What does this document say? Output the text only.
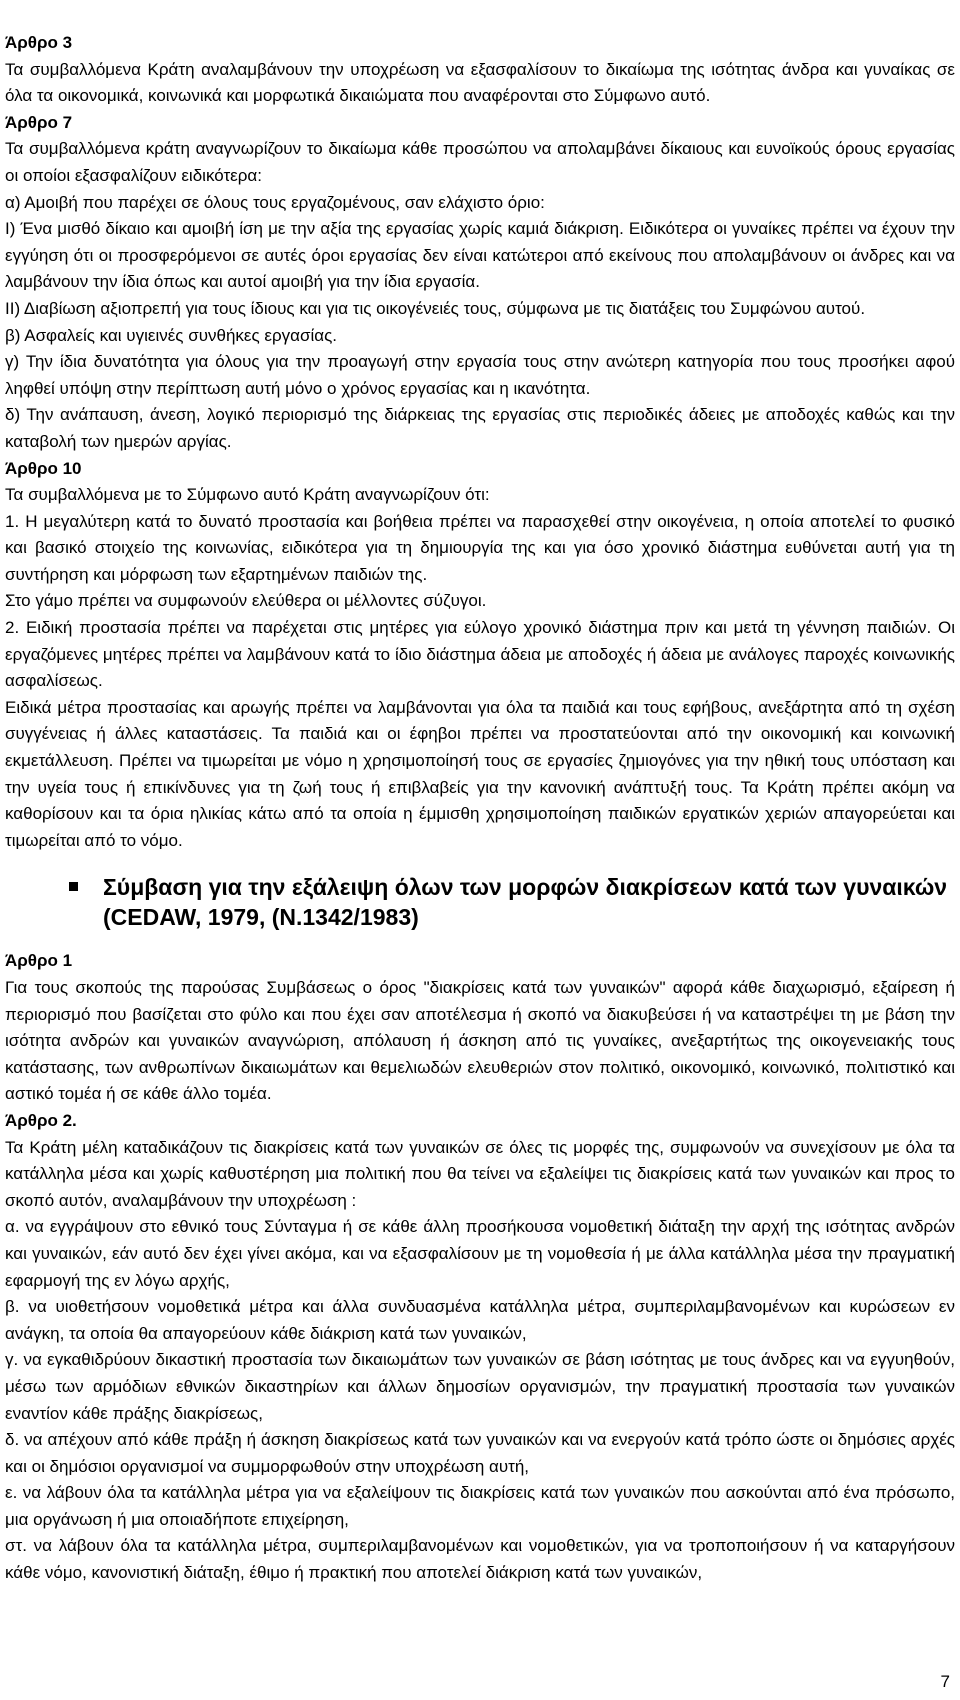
Άρθρο 3

Τα συμβαλλόμενα Κράτη αναλαμβάνουν την υποχρέωση να εξασφαλίσουν το δικαίωμα της ισότητας άνδρα και γυναίκας σε όλα τα οικονομικά, κοινωνικά και μορφωτικά δικαιώματα που αναφέρονται στο Σύμφωνο αυτό.

Άρθρο 7

Τα συμβαλλόμενα κράτη αναγνωρίζουν το δικαίωμα κάθε προσώπου να απολαμβάνει δίκαιους και ευνοϊκούς όρους εργασίας οι οποίοι εξασφαλίζουν ειδικότερα:

α) Αμοιβή που παρέχει σε όλους τους εργαζομένους, σαν ελάχιστο όριο:

Ι) Ένα μισθό δίκαιο και αμοιβή ίση με την αξία της εργασίας χωρίς καμιά διάκριση. Ειδικότερα οι γυναίκες πρέπει να έχουν την εγγύηση ότι οι προσφερόμενοι σε αυτές όροι εργασίας δεν είναι κατώτεροι από εκείνους που απολαμβάνουν οι άνδρες και να λαμβάνουν την ίδια όπως και αυτοί αμοιβή για την ίδια εργασία.

ΙΙ) Διαβίωση αξιοπρεπή για τους ίδιους και για τις οικογένειές τους, σύμφωνα με τις διατάξεις του Συμφώνου αυτού.

β) Ασφαλείς και υγιεινές συνθήκες εργασίας.

γ) Την ίδια δυνατότητα για όλους για την προαγωγή στην εργασία τους στην ανώτερη κατηγορία που τους προσήκει αφού ληφθεί υπόψη στην περίπτωση αυτή μόνο ο χρόνος εργασίας και η ικανότητα.

δ) Την ανάπαυση, άνεση, λογικό περιορισμό της διάρκειας της εργασίας στις περιοδικές άδειες με αποδοχές καθώς και την καταβολή των ημερών αργίας.

Άρθρο 10

Τα συμβαλλόμενα με το Σύμφωνο αυτό Κράτη αναγνωρίζουν ότι:

1. Η μεγαλύτερη κατά το δυνατό προστασία και βοήθεια πρέπει να παρασχεθεί στην οικογένεια, η οποία αποτελεί το φυσικό και βασικό στοιχείο της κοινωνίας, ειδικότερα για τη δημιουργία της και για όσο χρονικό διάστημα ευθύνεται αυτή για τη συντήρηση και μόρφωση των εξαρτημένων παιδιών της.

Στο γάμο πρέπει να συμφωνούν ελεύθερα οι μέλλοντες σύζυγοι.

2. Ειδική προστασία πρέπει να παρέχεται στις μητέρες για εύλογο χρονικό διάστημα πριν και μετά τη γέννηση παιδιών. Οι εργαζόμενες μητέρες πρέπει να λαμβάνουν κατά το ίδιο διάστημα άδεια με αποδοχές ή άδεια με ανάλογες παροχές κοινωνικής ασφαλίσεως.

Ειδικά μέτρα προστασίας και αρωγής πρέπει να λαμβάνονται για όλα τα παιδιά και τους εφήβους, ανεξάρτητα από τη σχέση συγγένειας ή άλλες καταστάσεις. Τα παιδιά και οι έφηβοι πρέπει να προστατεύονται από την οικονομική και κοινωνική εκμετάλλευση. Πρέπει να τιμωρείται με νόμο η χρησιμοποίησή τους σε εργασίες ζημιογόνες για την ηθική τους υπόσταση και την υγεία τους ή επικίνδυνες για τη ζωή τους ή επιβλαβείς για την κανονική ανάπτυξή τους. Τα Κράτη πρέπει ακόμη να καθορίσουν και τα όρια ηλικίας κάτω από τα οποία η έμμισθη χρησιμοποίηση παιδικών εργατικών χεριών απαγορεύεται και τιμωρείται από το νόμο.

Σύμβαση για την εξάλειψη όλων των μορφών διακρίσεων κατά των γυναικών

(CEDAW, 1979, (Ν.1342/1983)

Άρθρο 1

Για τους σκοπούς της παρούσας Συμβάσεως ο όρος "διακρίσεις κατά των γυναικών" αφορά κάθε διαχωρισμό, εξαίρεση ή περιορισμό που βασίζεται στο φύλο και που έχει σαν αποτέλεσμα ή σκοπό να διακυβεύσει ή να καταστρέψει τη με βάση την ισότητα ανδρών και γυναικών αναγνώριση, απόλαυση ή άσκηση από τις γυναίκες, ανεξαρτήτως της οικογενειακής τους κατάστασης, των ανθρωπίνων δικαιωμάτων και θεμελιωδών ελευθεριών στον πολιτικό, οικονομικό, κοινωνικό, πολιτιστικό και αστικό τομέα ή σε κάθε άλλο τομέα.

Άρθρο 2.

Τα Κράτη μέλη καταδικάζουν τις διακρίσεις κατά των γυναικών σε όλες τις μορφές της, συμφωνούν να συνεχίσουν με όλα τα κατάλληλα μέσα και χωρίς καθυστέρηση μια πολιτική που θα τείνει να εξαλείψει τις διακρίσεις κατά των γυναικών και προς το σκοπό αυτόν, αναλαμβάνουν την υποχρέωση :

α. να εγγράψουν στο εθνικό τους Σύνταγμα ή σε κάθε άλλη προσήκουσα νομοθετική διάταξη την αρχή της ισότητας ανδρών και γυναικών, εάν αυτό δεν έχει γίνει ακόμα, και να εξασφαλίσουν με τη νομοθεσία ή με άλλα κατάλληλα μέσα την πραγματική εφαρμογή της εν λόγω αρχής,

β. να υιοθετήσουν νομοθετικά μέτρα και άλλα συνδυασμένα κατάλληλα μέτρα, συμπεριλαμβανομένων και κυρώσεων εν ανάγκη, τα οποία θα απαγορεύουν κάθε διάκριση κατά των γυναικών,

γ. να εγκαθιδρύουν δικαστική προστασία των δικαιωμάτων των γυναικών σε βάση ισότητας με τους άνδρες και να εγγυηθούν, μέσω των αρμόδιων εθνικών δικαστηρίων και άλλων δημοσίων οργανισμών, την πραγματική προστασία των γυναικών εναντίον κάθε πράξης διακρίσεως,

δ. να απέχουν από κάθε πράξη ή άσκηση διακρίσεως κατά των γυναικών και να ενεργούν κατά τρόπο ώστε οι δημόσιες αρχές και οι δημόσιοι οργανισμοί να συμμορφωθούν στην υποχρέωση αυτή,

ε. να λάβουν όλα τα κατάλληλα μέτρα για να εξαλείψουν τις διακρίσεις κατά των γυναικών που ασκούνται από ένα πρόσωπο, μια οργάνωση ή μια οποιαδήποτε επιχείρηση,

στ. να λάβουν όλα τα κατάλληλα μέτρα, συμπεριλαμβανομένων και νομοθετικών, για να τροποποιήσουν ή να καταργήσουν κάθε νόμο, κανονιστική διάταξη, έθιμο ή πρακτική που αποτελεί διάκριση κατά των γυναικών,

7
